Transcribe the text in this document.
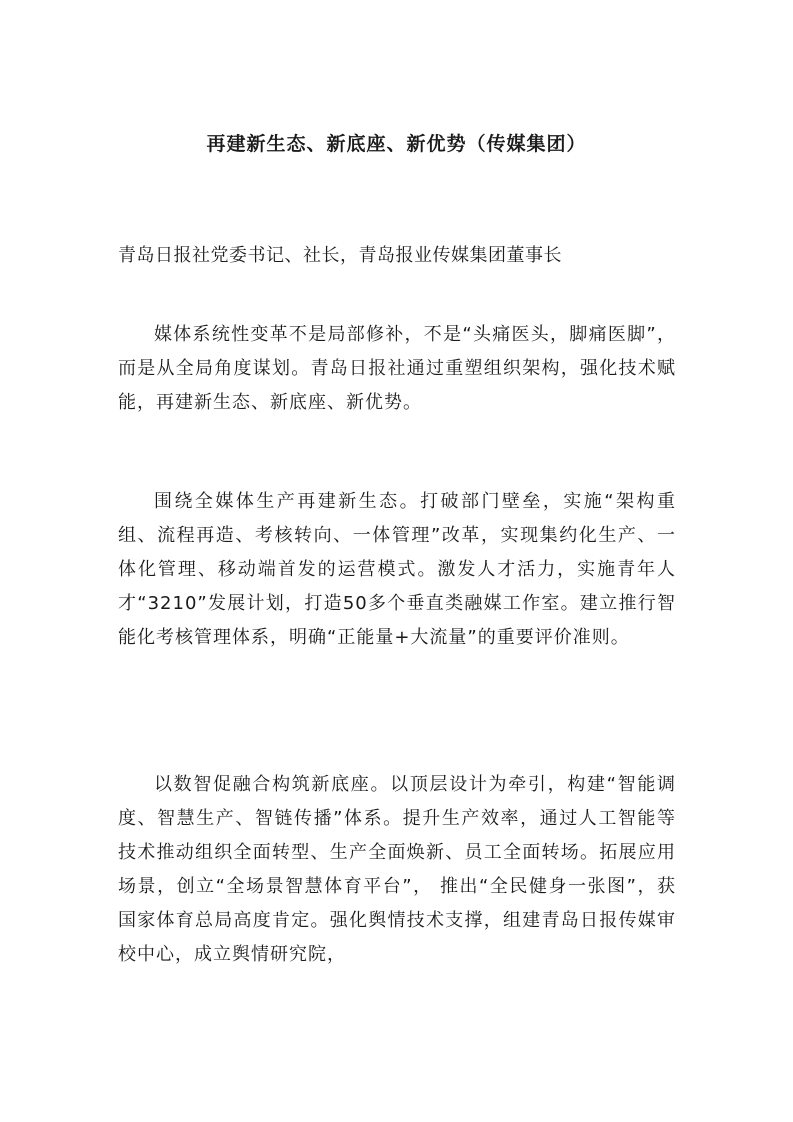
再建新生态、新底座、新优势（传媒集团）

青岛日报社党委书记、社长，青岛报业传媒集团董事长

媒体系统性变革不是局部修补，不是“头痛医头，脚痛医脚”，而是从全局角度谋划。青岛日报社通过重塑组织架构，强化技术赋能，再建新生态、新底座、新优势。

围绕全媒体生产再建新生态。打破部门壁垒，实施“架构重组、流程再造、考核转向、一体管理”改革，实现集约化生产、一体化管理、移动端首发的运营模式。激发人才活力，实施青年人才“3210”发展计划，打造50多个垂直类融媒工作室。建立推行智能化考核管理体系，明确“正能量+大流量”的重要评价准则。

以数智促融合构筑新底座。以顶层设计为牵引，构建“智能调度、智慧生产、智链传播”体系。提升生产效率，通过人工智能等技术推动组织全面转型、生产全面焕新、员工全面转场。拓展应用场景，创立“全场景智慧体育平台”， 推出“全民健身一张图”，获国家体育总局高度肯定。强化舆情技术支撑，组建青岛日报传媒审校中心，成立舆情研究院，
